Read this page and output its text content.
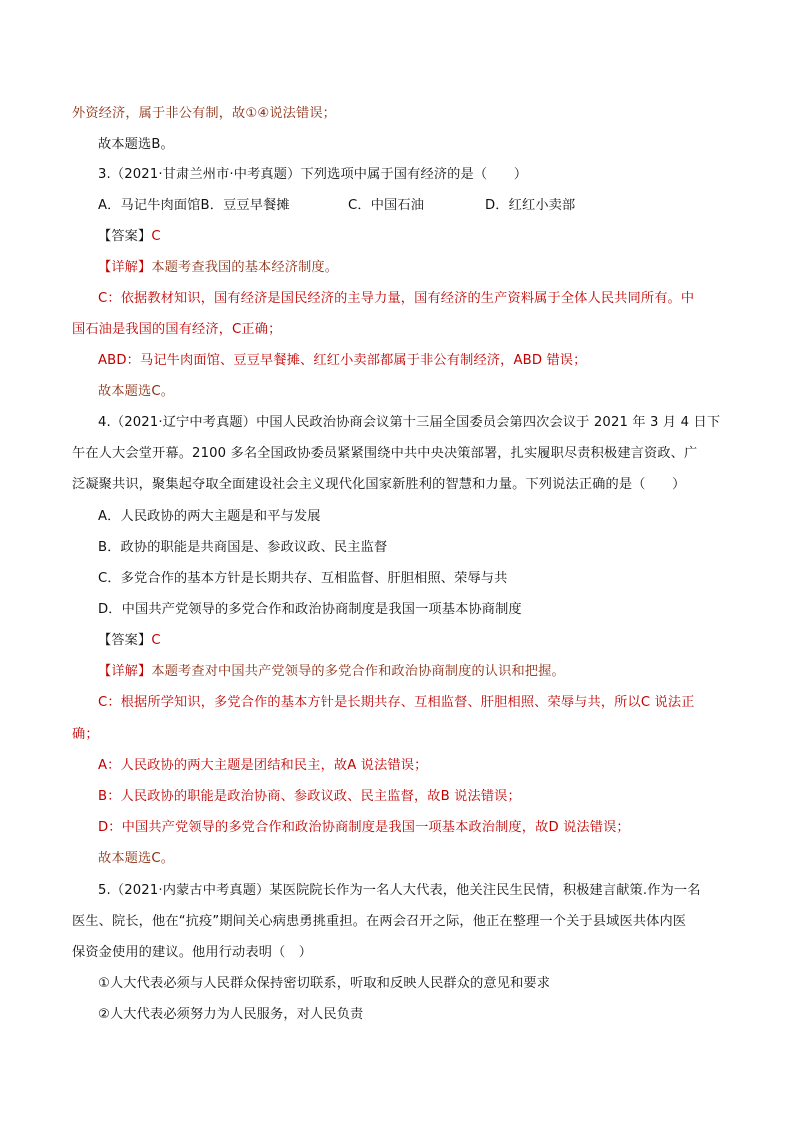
外资经济，属于非公有制，故①④说法错误；
故本题选B。
3.（2021·甘肃兰州市·中考真题）下列选项中属于国有经济的是（　　）
A．马记牛肉面馆B．豆豆早餐摊	C．中国石油	D．红红小卖部
【答案】C
【详解】本题考查我国的基本经济制度。
C：依据教材知识，国有经济是国民经济的主导力量，国有经济的生产资料属于全体人民共同所有。中
国石油是我国的国有经济，C正确；
ABD：马记牛肉面馆、豆豆早餐摊、红红小卖部都属于非公有制经济，ABD 错误；
故本题选C。
4.（2021·辽宁中考真题）中国人民政治协商会议第十三届全国委员会第四次会议于 2021 年 3 月 4 日下
午在人大会堂开幕。2100 多名全国政协委员紧紧围绕中共中央决策部署，扎实履职尽责积极建言资政、广
泛凝聚共识，聚集起夺取全面建设社会主义现代化国家新胜利的智慧和力量。下列说法正确的是（　　）
A．人民政协的两大主题是和平与发展
B．政协的职能是共商国是、参政议政、民主监督
C．多党合作的基本方针是长期共存、互相监督、肝胆相照、荣辱与共
D．中国共产党领导的多党合作和政治协商制度是我国一项基本协商制度
【答案】C
【详解】本题考查对中国共产党领导的多党合作和政治协商制度的认识和把握。
C：根据所学知识，多党合作的基本方针是长期共存、互相监督、肝胆相照、荣辱与共，所以C 说法正
确；
A：人民政协的两大主题是团结和民主，故A 说法错误；
B：人民政协的职能是政治协商、参政议政、民主监督，故B 说法错误；
D：中国共产党领导的多党合作和政治协商制度是我国一项基本政治制度，故D 说法错误；
故本题选C。
5.（2021·内蒙古中考真题）某医院院长作为一名人大代表，他关注民生民情，积极建言献策.作为一名
医生、院长，他在“抗疫”期间关心病患勇挑重担。在两会召开之际，他正在整理一个关于县域医共体内医
保资金使用的建议。他用行动表明（　）
①人大代表必须与人民群众保持密切联系，听取和反映人民群众的意见和要求
②人大代表必须努力为人民服务，对人民负责
